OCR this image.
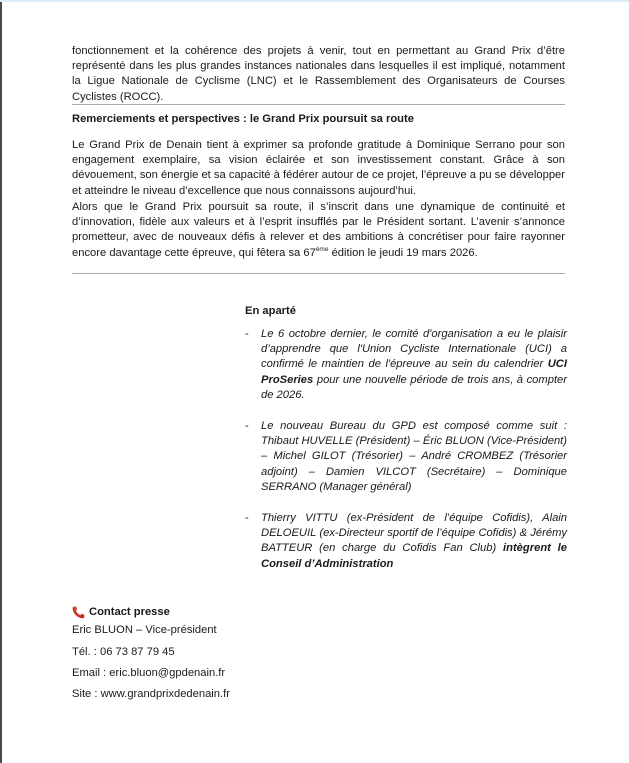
fonctionnement et la cohérence des projets à venir, tout en permettant au Grand Prix d’être représenté dans les plus grandes instances nationales dans lesquelles il est impliqué, notamment la Ligue Nationale de Cyclisme (LNC) et le Rassemblement des Organisateurs de Courses Cyclistes (ROCC).

Remerciements et perspectives : le Grand Prix poursuit sa route

Le Grand Prix de Denain tient à exprimer sa profonde gratitude à Dominique Serrano pour son engagement exemplaire, sa vision éclairée et son investissement constant. Grâce à son dévouement, son énergie et sa capacité à fédérer autour de ce projet, l’épreuve a pu se développer et atteindre le niveau d’excellence que nous connaissons aujourd’hui.

Alors que le Grand Prix poursuit sa route, il s’inscrit dans une dynamique de continuité et d’innovation, fidèle aux valeurs et à l’esprit insufflés par le Président sortant. L’avenir s’annonce prometteur, avec de nouveaux défis à relever et des ambitions à concrétiser pour faire rayonner encore davantage cette épreuve, qui fêtera sa 67ème édition le jeudi 19 mars 2026.

En aparté
-	Le 6 octobre dernier, le comité d'organisation a eu le plaisir d’apprendre que l'Union Cycliste Internationale (UCI) a confirmé le maintien de l'épreuve au sein du calendrier UCI ProSeries pour une nouvelle période de trois ans, à compter de 2026.
-	Le nouveau Bureau du GPD est composé comme suit : Thibaut HUVELLE (Président) – Éric BLUON (Vice-Président) – Michel GILOT (Trésorier) – André CROMBEZ (Trésorier adjoint) – Damien VILCOT (Secrétaire) – Dominique SERRANO (Manager général)
-	Thierry VITTU (ex-Président de l’équipe Cofidis), Alain DELOEUIL (ex-Directeur sportif de l’équipe Cofidis) & Jérémy BATTEUR (en charge du Cofidis Fan Club) intègrent le Conseil d’Administration
Contact presse
Eric BLUON – Vice-président
Tél. : 06 73 87 79 45
Email : eric.bluon@gpdenain.fr
Site : www.grandprixdedenain.fr
